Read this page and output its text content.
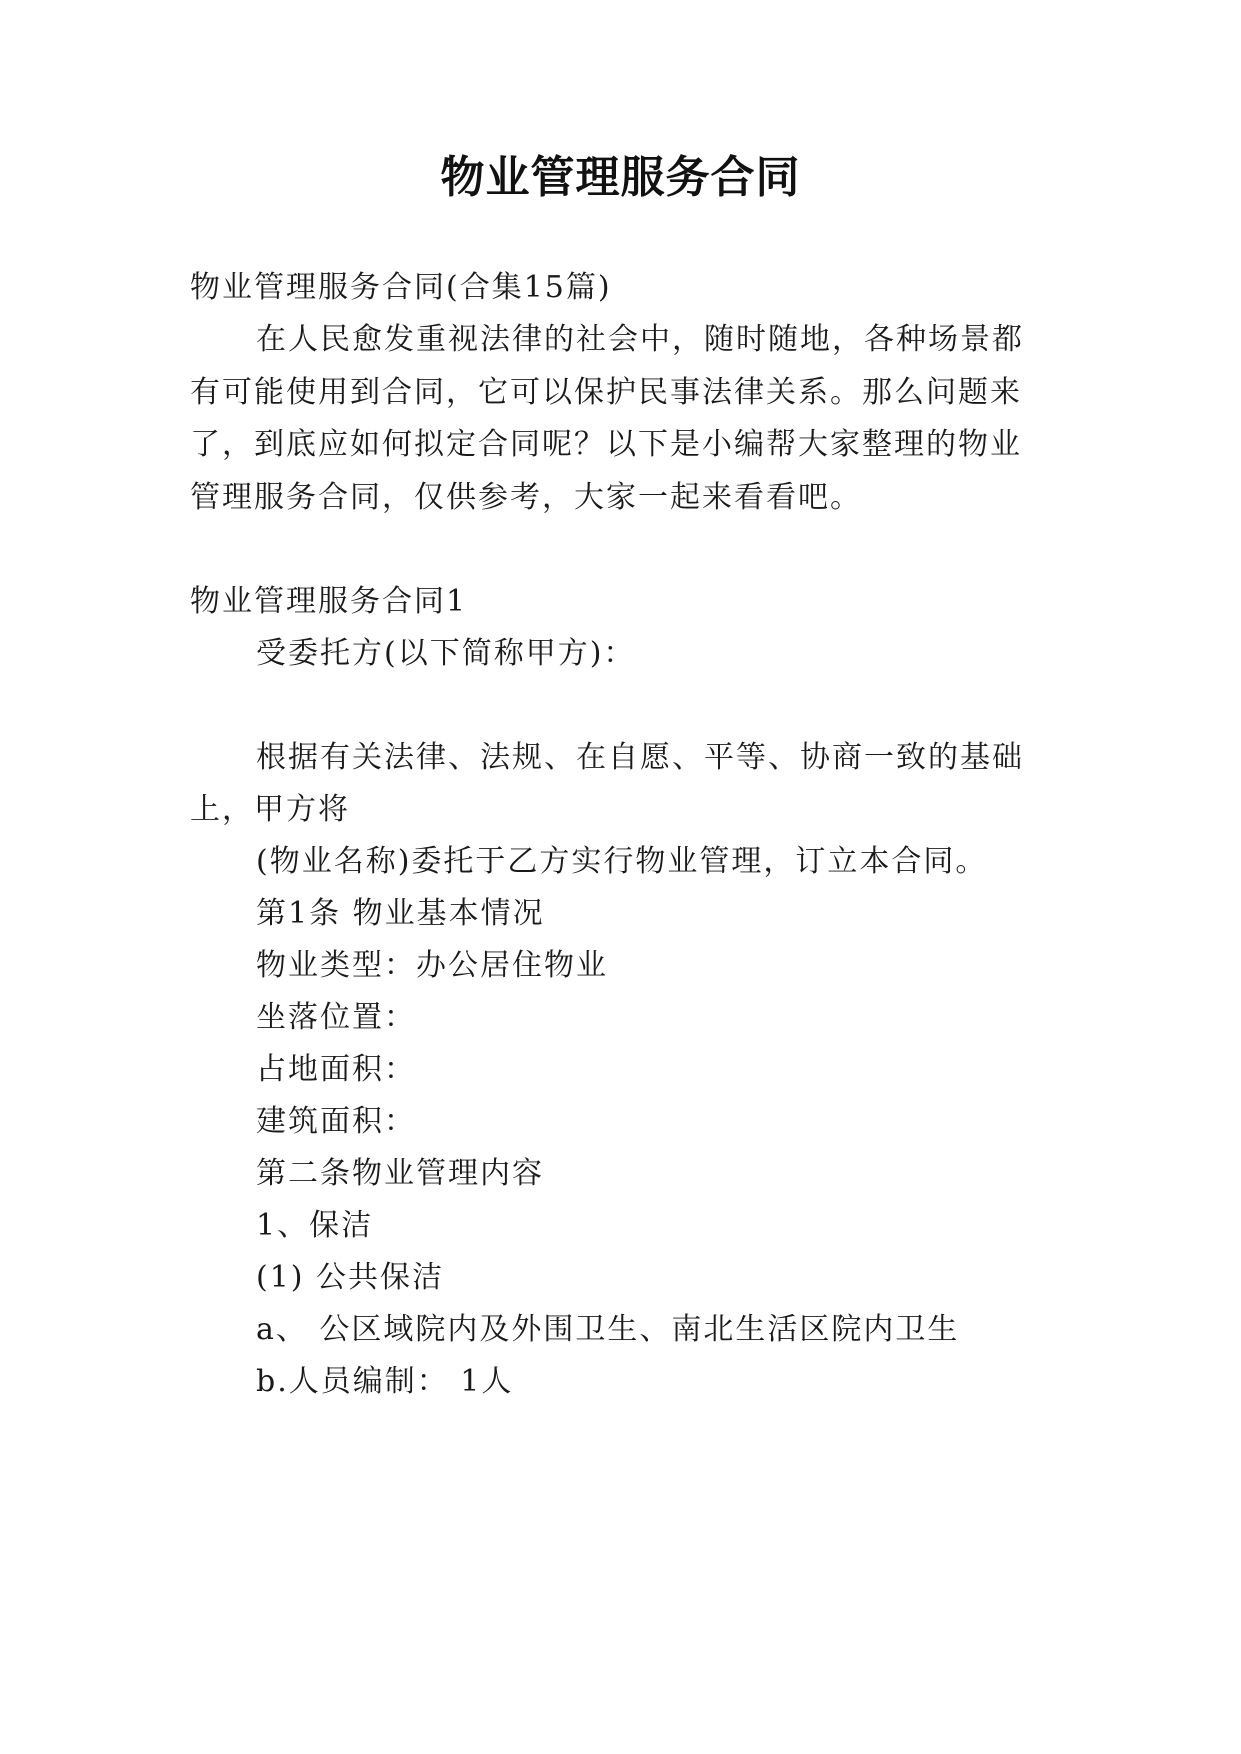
物业管理服务合同
物业管理服务合同(合集15篇)
在人民愈发重视法律的社会中，随时随地，各种场景都
有可能使用到合同，它可以保护民事法律关系。那么问题来
了，到底应如何拟定合同呢？以下是小编帮大家整理的物业
管理服务合同，仅供参考，大家一起来看看吧。
物业管理服务合同1
受委托方(以下简称甲方)：
根据有关法律、法规、在自愿、平等、协商一致的基础
上，甲方将
(物业名称)委托于乙方实行物业管理，订立本合同。
第1条 物业基本情况
物业类型：办公居住物业
坐落位置：
占地面积：
建筑面积：
第二条物业管理内容
1、保洁
(1) 公共保洁
a、 公区域院内及外围卫生、南北生活区院内卫生
b.人员编制： 1人
